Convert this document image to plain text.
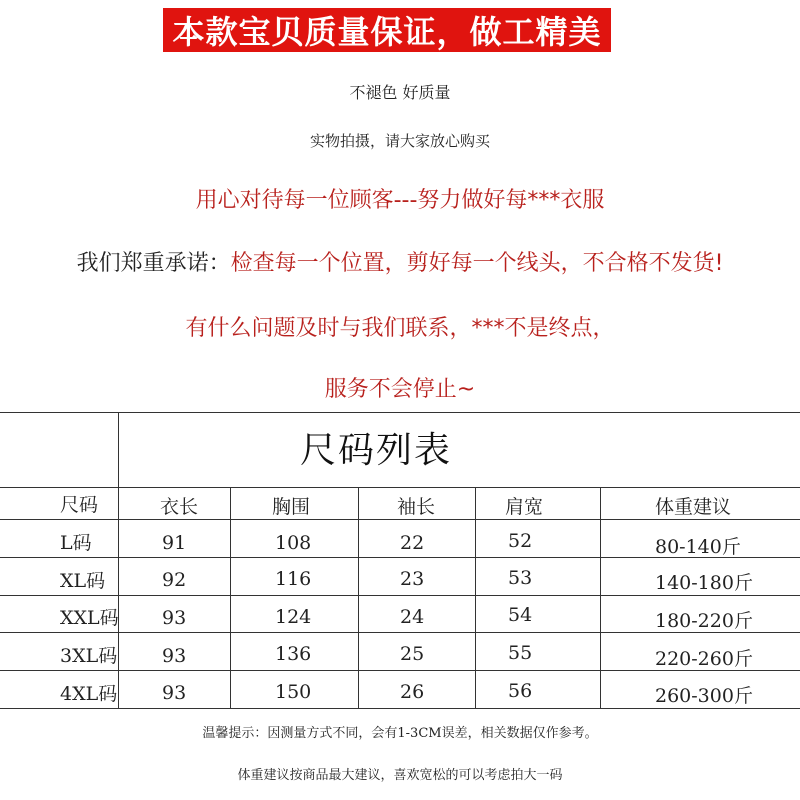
本款宝贝质量保证，做工精美
不褪色 好质量
实物拍摄，请大家放心购买
用心对待每一位顾客---努力做好每***衣服
我们郑重承诺：检查每一个位置，剪好每一个线头，不合格不发货!
有什么问题及时与我们联系，***不是终点，
服务不会停止~
尺码列表
尺码	衣长	胸围	袖长	肩宽	体重建议
L码	91	108	22	52	80-140斤
XL码	92	116	23	53	140-180斤
XXL码 93	124	24	54	180-220斤
3XL码 93	136	25	55	220-260斤
4XL码 93	150	26	56	260-300斤
温馨提示：因测量方式不同，会有1-3CM误差，相关数据仅作参考。
体重建议按商品最大建议，喜欢宽松的可以考虑拍大一码
